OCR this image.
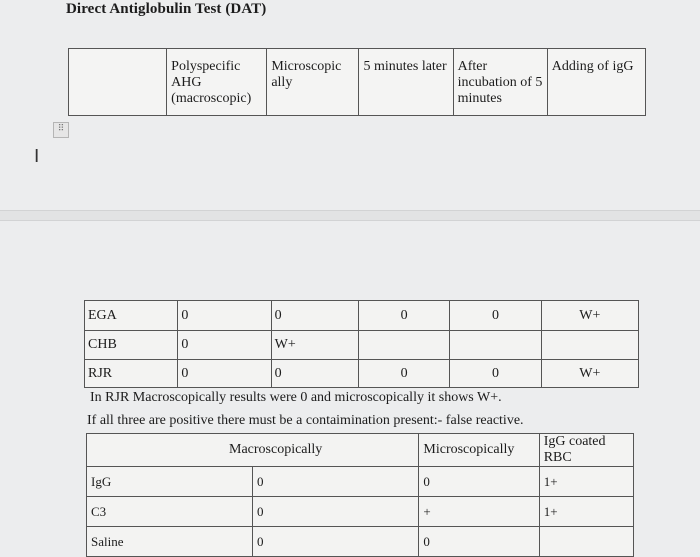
Direct Antiglobulin Test (DAT)
	Polyspecific AHG (macroscopic)	Microscopic ally	5 minutes later	After incubation of 5 minutes	Adding of igG
⠿
I
EGA	0	0	0	0	W+
CHB	0	W+			
RJR	0	0	0	0	W+
In RJR Macroscopically results were 0 and microscopically it shows W+.
If all three are positive there must be a contaimination present:- false reactive.
Macroscopically		Microscopically	IgG coated RBC
IgG	0	0	1+
C3	0	+	1+
Saline	0	0	
